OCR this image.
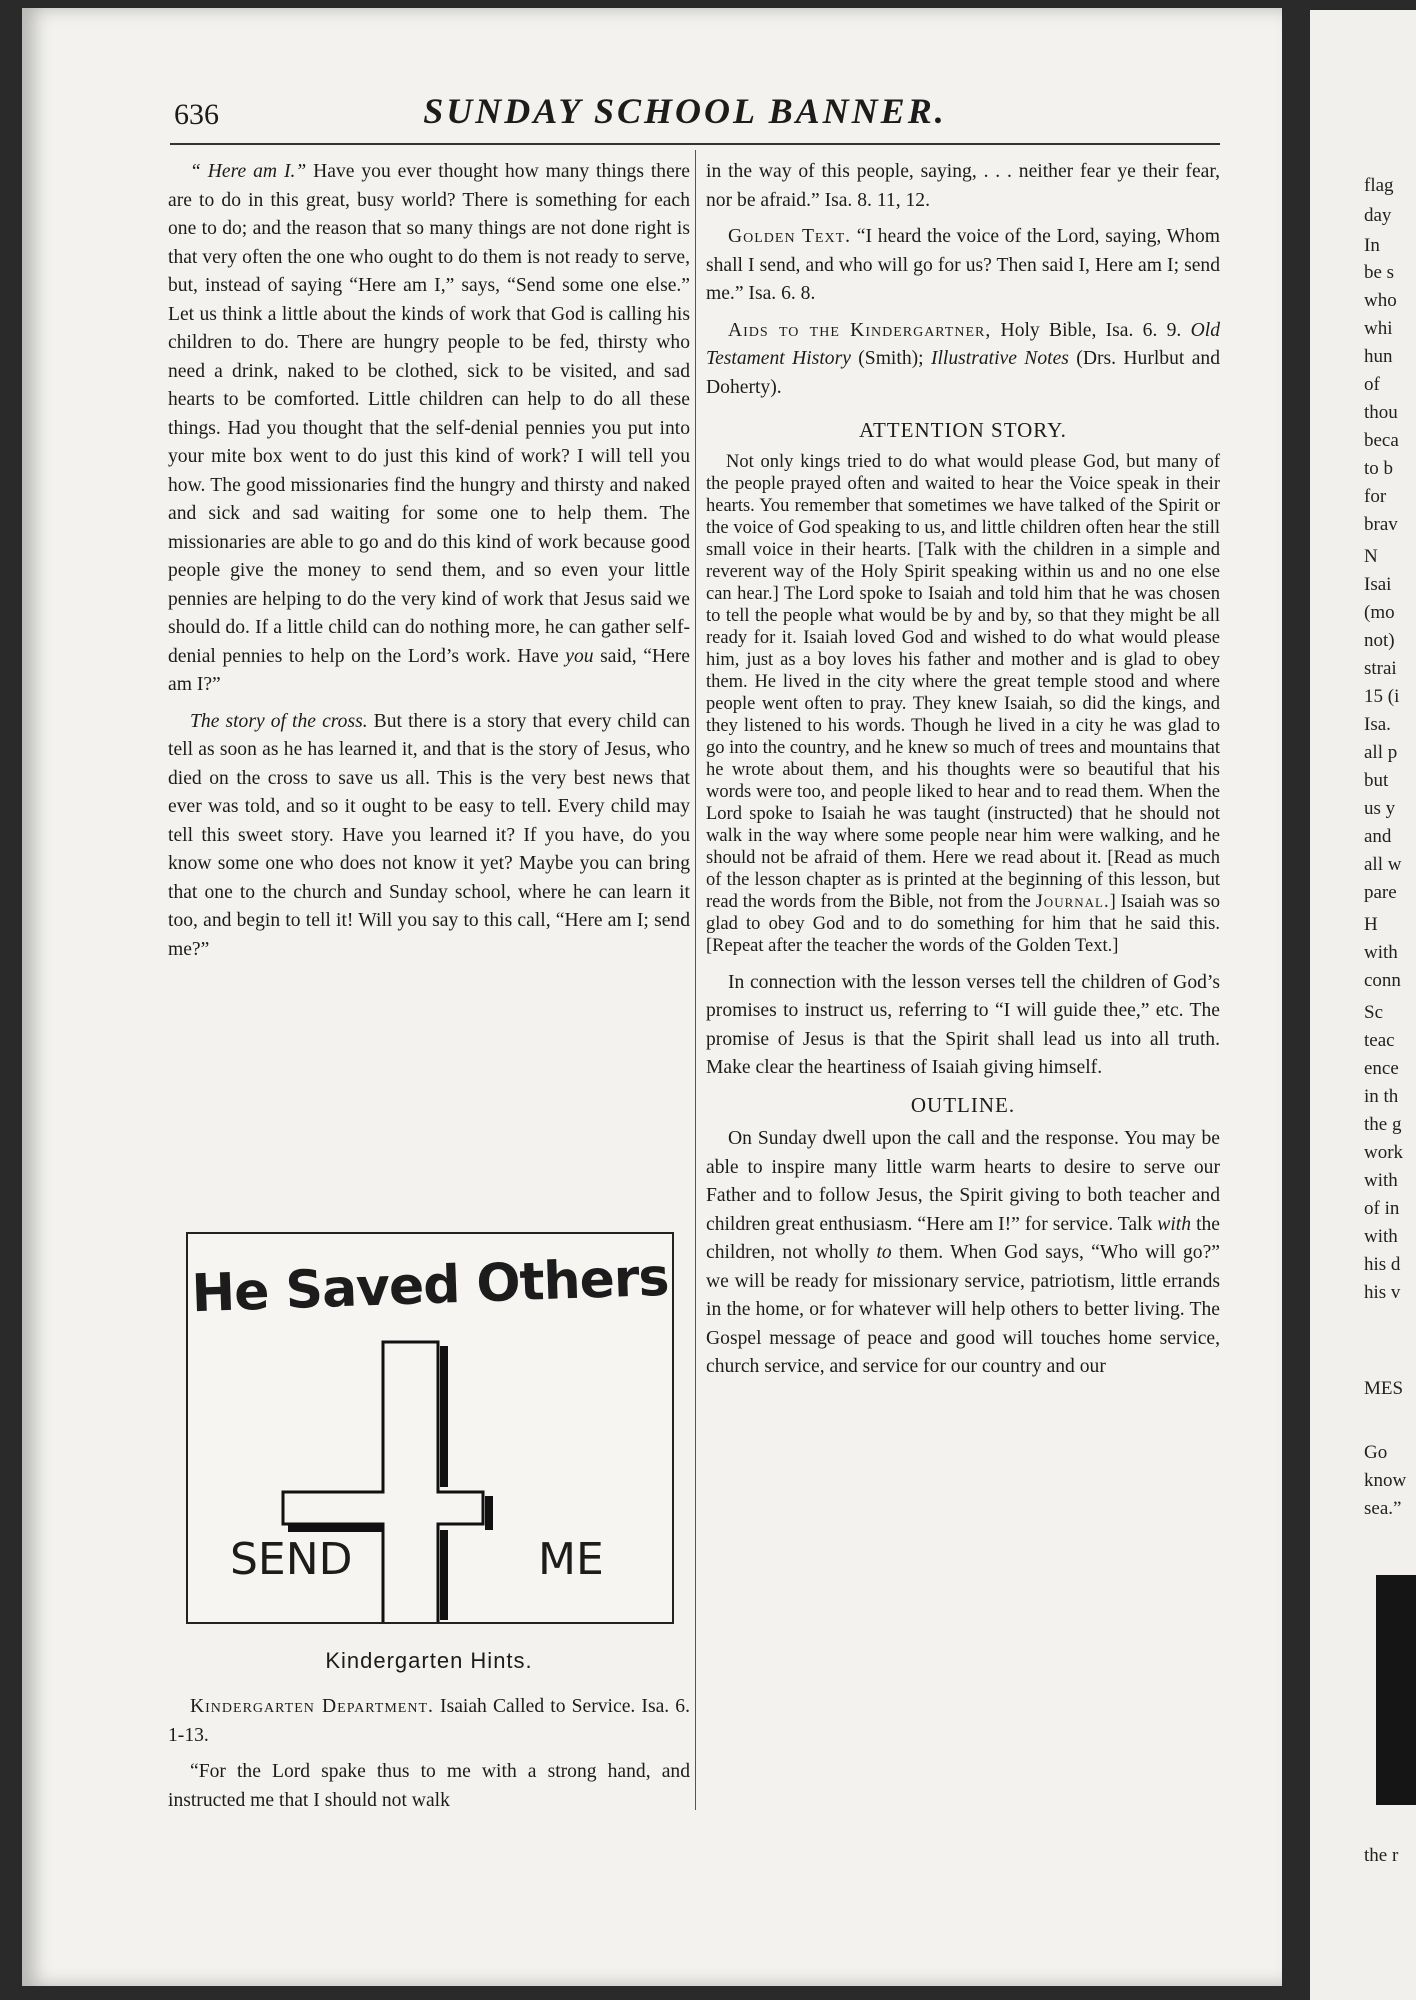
flag
day
In
be s
who
whi
hun
of
thou
beca
to b
for
brav
N
Isai
(mo
not)
strai
15 (i
Isa.
all p
but
us y
and
all w
pare
H
with
conn
Sc
teac
ence
in th
the g
work
with
of in
with
his d
his v
MES
Go
know
sea.”
the r
636	SUNDAY SCHOOL BANNER.

“ Here am I.” Have you ever thought how many things there are to do in this great, busy world? There is something for each one to do; and the reason that so many things are not done right is that very often the one who ought to do them is not ready to serve, but, instead of saying “Here am I,” says, “Send some one else.” Let us think a little about the kinds of work that God is calling his children to do. There are hungry people to be fed, thirsty who need a drink, naked to be clothed, sick to be visited, and sad hearts to be comforted. Little children can help to do all these things. Had you thought that the self-denial pennies you put into your mite box went to do just this kind of work? I will tell you how. The good missionaries find the hungry and thirsty and naked and sick and sad waiting for some one to help them. The missionaries are able to go and do this kind of work because good people give the money to send them, and so even your little pennies are helping to do the very kind of work that Jesus said we should do. If a little child can do nothing more, he can gather self-denial pennies to help on the Lord’s work. Have you said, “Here am I?”

The story of the cross. But there is a story that every child can tell as soon as he has learned it, and that is the story of Jesus, who died on the cross to save us all. This is the very best news that ever was told, and so it ought to be easy to tell. Every child may tell this sweet story. Have you learned it? If you have, do you know some one who does not know it yet? Maybe you can bring that one to the church and Sunday school, where he can learn it too, and begin to tell it! Will you say to this call, “Here am I; send me?”

He Saved Others
SEND	ME
Kindergarten Hints.

Kindergarten Department. Isaiah Called to Service. Isa. 6. 1-13.

“For the Lord spake thus to me with a strong hand, and instructed me that I should not walk

in the way of this people, saying, . . . neither fear ye their fear, nor be afraid.” Isa. 8. 11, 12.

Golden Text. “I heard the voice of the Lord, saying, Whom shall I send, and who will go for us? Then said I, Here am I; send me.” Isa. 6. 8.

Aids to the Kindergartner, Holy Bible, Isa. 6. 9. Old Testament History (Smith); Illustrative Notes (Drs. Hurlbut and Doherty).

ATTENTION STORY.

Not only kings tried to do what would please God, but many of the people prayed often and waited to hear the Voice speak in their hearts. You remember that sometimes we have talked of the Spirit or the voice of God speaking to us, and little children often hear the still small voice in their hearts. [Talk with the children in a simple and reverent way of the Holy Spirit speaking within us and no one else can hear.] The Lord spoke to Isaiah and told him that he was chosen to tell the people what would be by and by, so that they might be all ready for it. Isaiah loved God and wished to do what would please him, just as a boy loves his father and mother and is glad to obey them. He lived in the city where the great temple stood and where people went often to pray. They knew Isaiah, so did the kings, and they listened to his words. Though he lived in a city he was glad to go into the country, and he knew so much of trees and mountains that he wrote about them, and his thoughts were so beautiful that his words were too, and people liked to hear and to read them. When the Lord spoke to Isaiah he was taught (instructed) that he should not walk in the way where some people near him were walking, and he should not be afraid of them. Here we read about it. [Read as much of the lesson chapter as is printed at the beginning of this lesson, but read the words from the Bible, not from the Journal.] Isaiah was so glad to obey God and to do something for him that he said this. [Repeat after the teacher the words of the Golden Text.]

In connection with the lesson verses tell the children of God’s promises to instruct us, referring to “I will guide thee,” etc. The promise of Jesus is that the Spirit shall lead us into all truth. Make clear the heartiness of Isaiah giving himself.

OUTLINE.

On Sunday dwell upon the call and the response. You may be able to inspire many little warm hearts to desire to serve our Father and to follow Jesus, the Spirit giving to both teacher and children great enthusiasm. “Here am I!” for service. Talk with the children, not wholly to them. When God says, “Who will go?” we will be ready for missionary service, patriotism, little errands in the home, or for whatever will help others to better living. The Gospel message of peace and good will touches home service, church service, and service for our country and our
